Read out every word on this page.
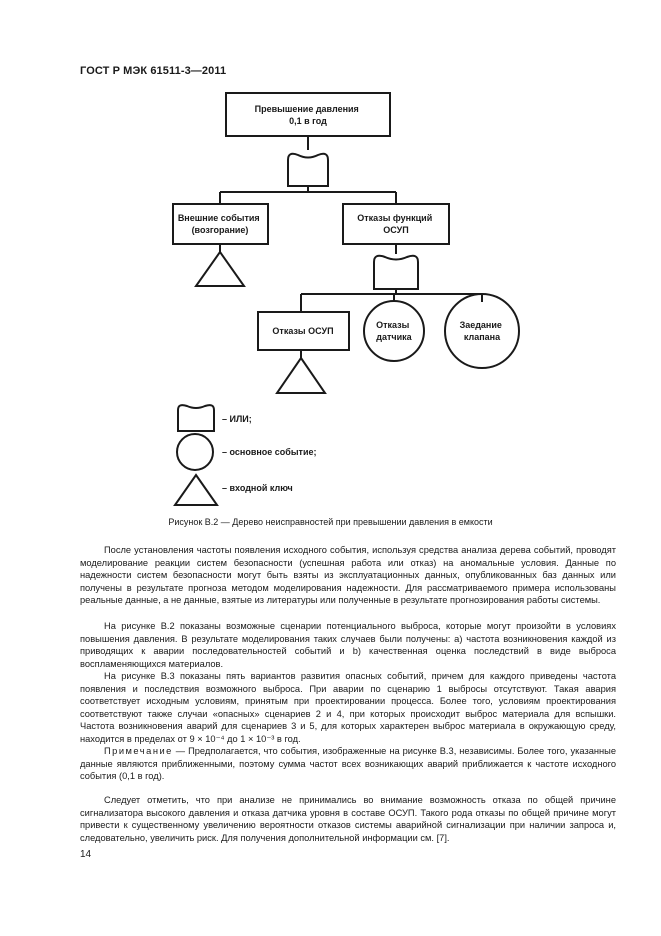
ГОСТ Р МЭК 61511-3—2011
Превышение давления 0,1 в год
Внешние события (возгорание)
Отказы функций ОСУП
Отказы ОСУП
Отказы датчика
Заедание клапана
– ИЛИ;
– основное событие;
– входной ключ
Рисунок В.2 — Дерево неисправностей при превышении давления в емкости

После установления частоты появления исходного события, используя средства анализа дерева событий, проводят моделирование реакции систем безопасности (успешная работа или отказ) на аномальные условия. Данные по надежности систем безопасности могут быть взяты из эксплуатационных данных, опубликованных баз данных или получены в результате прогноза методом моделирования надежности. Для рассматриваемого примера использованы реальные данные, а не данные, взятые из литературы или полученные в результате прогнозирования работы системы.

На рисунке В.2 показаны возможные сценарии потенциального выброса, которые могут произойти в условиях повышения давления. В результате моделирования таких случаев были получены: а) частота возникновения каждой из приводящих к аварии последовательностей событий и b) качественная оценка последствий в виде выброса воспламеняющихся материалов.

На рисунке В.3 показаны пять вариантов развития опасных событий, причем для каждого приведены частота появления и последствия возможного выброса. При аварии по сценарию 1 выбросы отсутствуют. Такая авария соответствует исходным условиям, принятым при проектировании процесса. Более того, условиям проектирования соответствуют также случаи «опасных» сценариев 2 и 4, при которых происходит выброс материала для вспышки. Частота возникновения аварий для сценариев 3 и 5, для которых характерен выброс материала в окружающую среду, находится в пределах от 9 × 10⁻⁴ до 1 × 10⁻³ в год.

Примечание — Предполагается, что события, изображенные на рисунке В.3, независимы. Более того, указанные данные являются приближенными, поэтому сумма частот всех возникающих аварий приближается к частоте исходного события (0,1 в год).

Следует отметить, что при анализе не принимались во внимание возможность отказа по общей причине сигнализатора высокого давления и отказа датчика уровня в составе ОСУП. Такого рода отказы по общей причине могут привести к существенному увеличению вероятности отказов системы аварийной сигнализации при наличии запроса и, следовательно, увеличить риск. Для получения дополнительной информации см. [7].

14
